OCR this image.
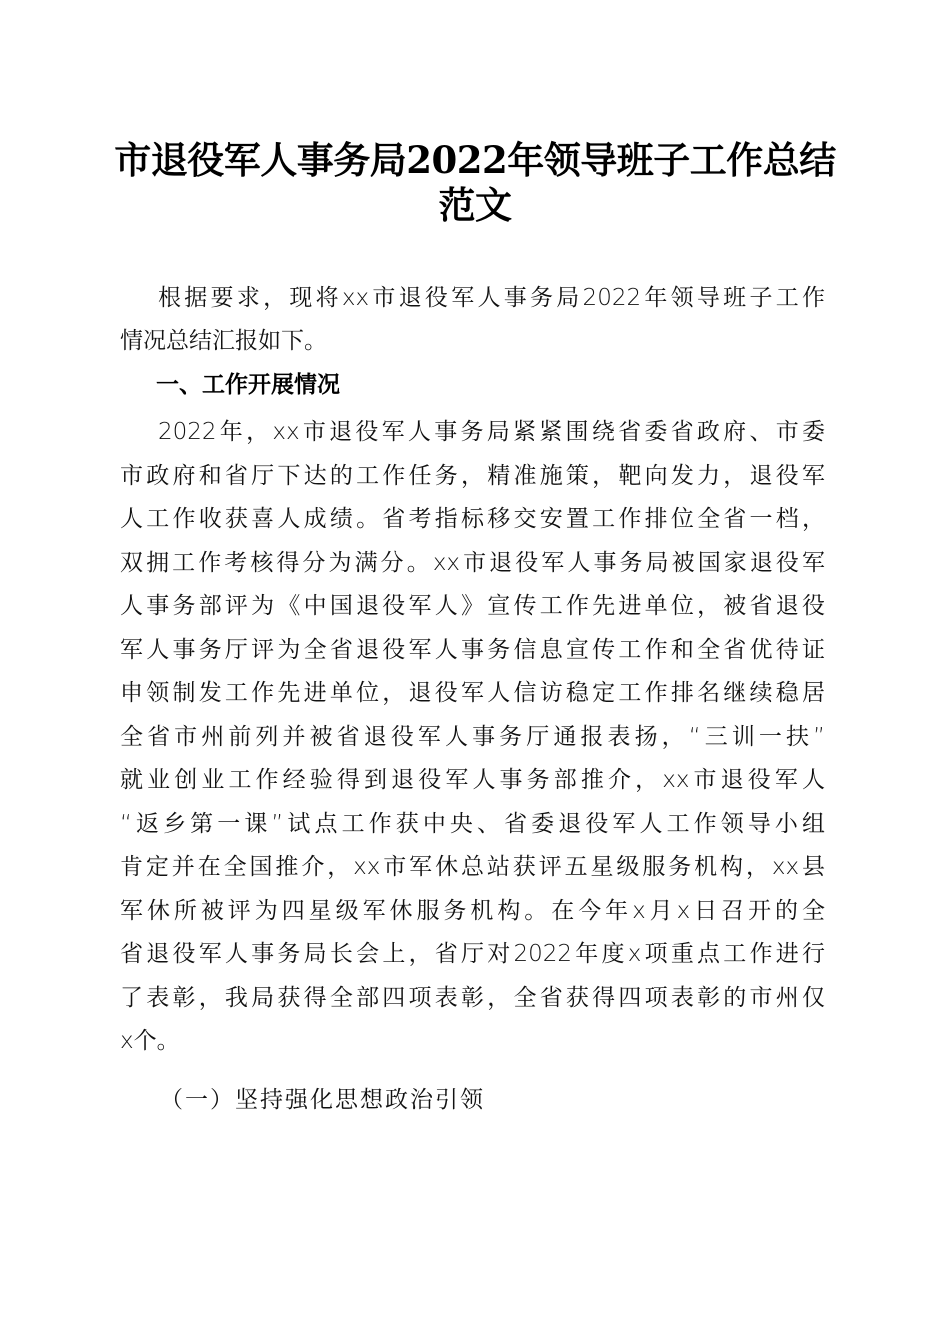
市退役军人事务局2022年领导班子工作总结
范文
根据要求，现将xx市退役军人事务局2022年领导班子工作
情况总结汇报如下。
一、工作开展情况
2022年，xx市退役军人事务局紧紧围绕省委省政府、市委
市政府和省厅下达的工作任务，精准施策，靶向发力，退役军
人工作收获喜人成绩。省考指标移交安置工作排位全省一档，
双拥工作考核得分为满分。xx市退役军人事务局被国家退役军
人事务部评为《中国退役军人》宣传工作先进单位，被省退役
军人事务厅评为全省退役军人事务信息宣传工作和全省优待证
申领制发工作先进单位，退役军人信访稳定工作排名继续稳居
全省市州前列并被省退役军人事务厅通报表扬，“三训一扶”
就业创业工作经验得到退役军人事务部推介，xx市退役军人
“返乡第一课”试点工作获中央、省委退役军人工作领导小组
肯定并在全国推介，xx市军休总站获评五星级服务机构，xx县
军休所被评为四星级军休服务机构。在今年x月x日召开的全
省退役军人事务局长会上，省厅对2022年度x项重点工作进行
了表彰，我局获得全部四项表彰，全省获得四项表彰的市州仅
x个。
（一）坚持强化思想政治引领
